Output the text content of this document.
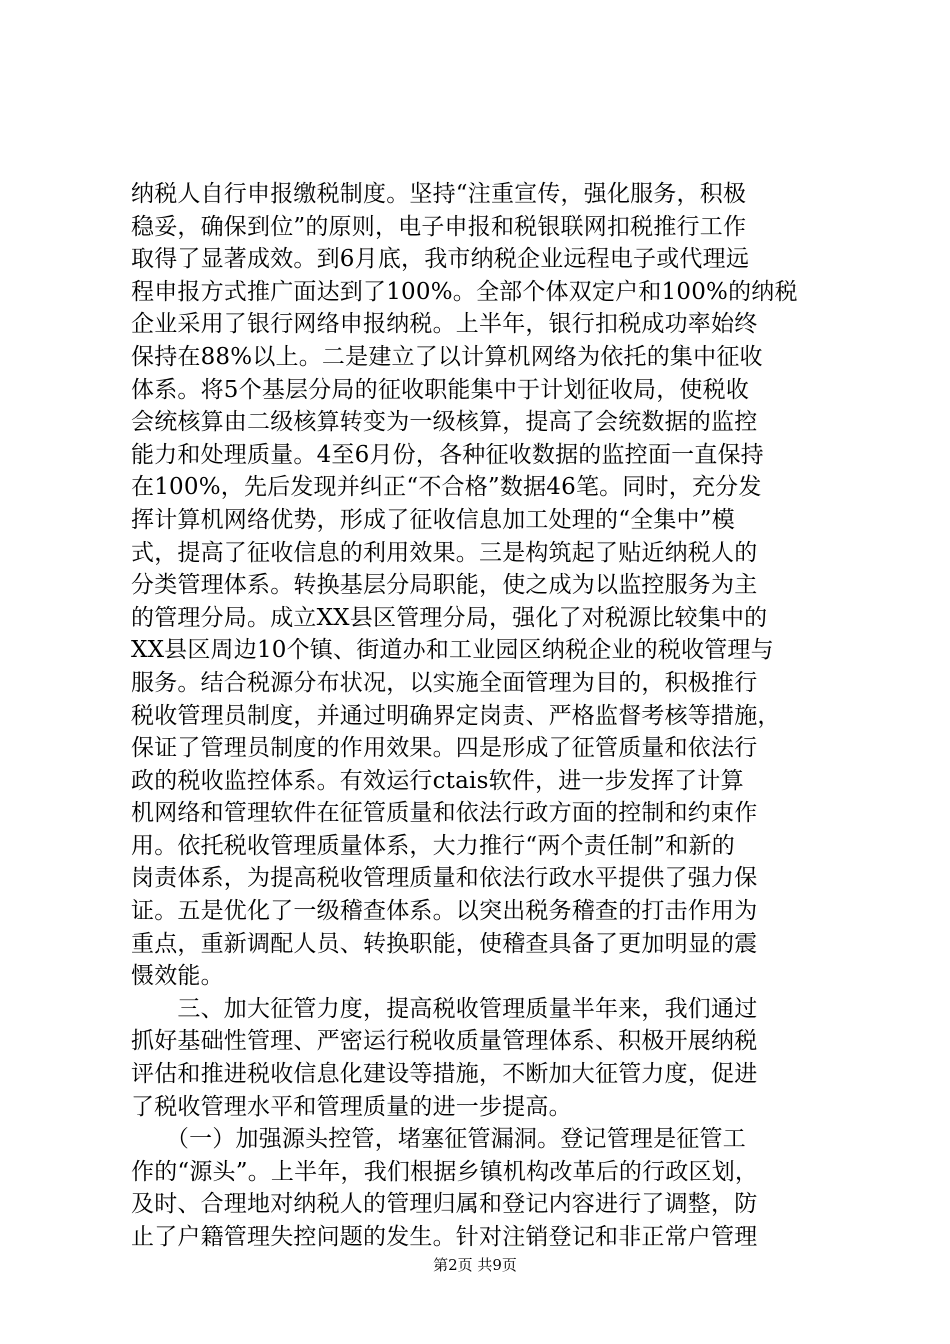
纳税人自行申报缴税制度。坚持“注重宣传，强化服务，积极
稳妥，确保到位”的原则，电子申报和税银联网扣税推行工作
取得了显著成效。到6月底，我市纳税企业远程电子或代理远
程申报方式推广面达到了100%。全部个体双定户和100%的纳税
企业采用了银行网络申报纳税。上半年，银行扣税成功率始终
保持在88%以上。二是建立了以计算机网络为依托的集中征收
体系。将5个基层分局的征收职能集中于计划征收局，使税收
会统核算由二级核算转变为一级核算，提高了会统数据的监控
能力和处理质量。4至6月份，各种征收数据的监控面一直保持
在100%，先后发现并纠正“不合格”数据46笔。同时，充分发
挥计算机网络优势，形成了征收信息加工处理的“全集中”模
式，提高了征收信息的利用效果。三是构筑起了贴近纳税人的
分类管理体系。转换基层分局职能，使之成为以监控服务为主
的管理分局。成立XX县区管理分局，强化了对税源比较集中的
XX县区周边10个镇、街道办和工业园区纳税企业的税收管理与
服务。结合税源分布状况，以实施全面管理为目的，积极推行
税收管理员制度，并通过明确界定岗责、严格监督考核等措施，
保证了管理员制度的作用效果。四是形成了征管质量和依法行
政的税收监控体系。有效运行ctais软件，进一步发挥了计算
机网络和管理软件在征管质量和依法行政方面的控制和约束作
用。依托税收管理质量体系，大力推行“两个责任制”和新的
岗责体系，为提高税收管理质量和依法行政水平提供了强力保
证。五是优化了一级稽查体系。以突出税务稽查的打击作用为
重点，重新调配人员、转换职能，使稽查具备了更加明显的震
慑效能。
　　三、加大征管力度，提高税收管理质量半年来，我们通过
抓好基础性管理、严密运行税收质量管理体系、积极开展纳税
评估和推进税收信息化建设等措施，不断加大征管力度，促进
了税收管理水平和管理质量的进一步提高。
　　（一）加强源头控管，堵塞征管漏洞。登记管理是征管工
作的“源头”。上半年，我们根据乡镇机构改革后的行政区划，
及时、合理地对纳税人的管理归属和登记内容进行了调整，防
止了户籍管理失控问题的发生。针对注销登记和非正常户管理
第2页 共9页
